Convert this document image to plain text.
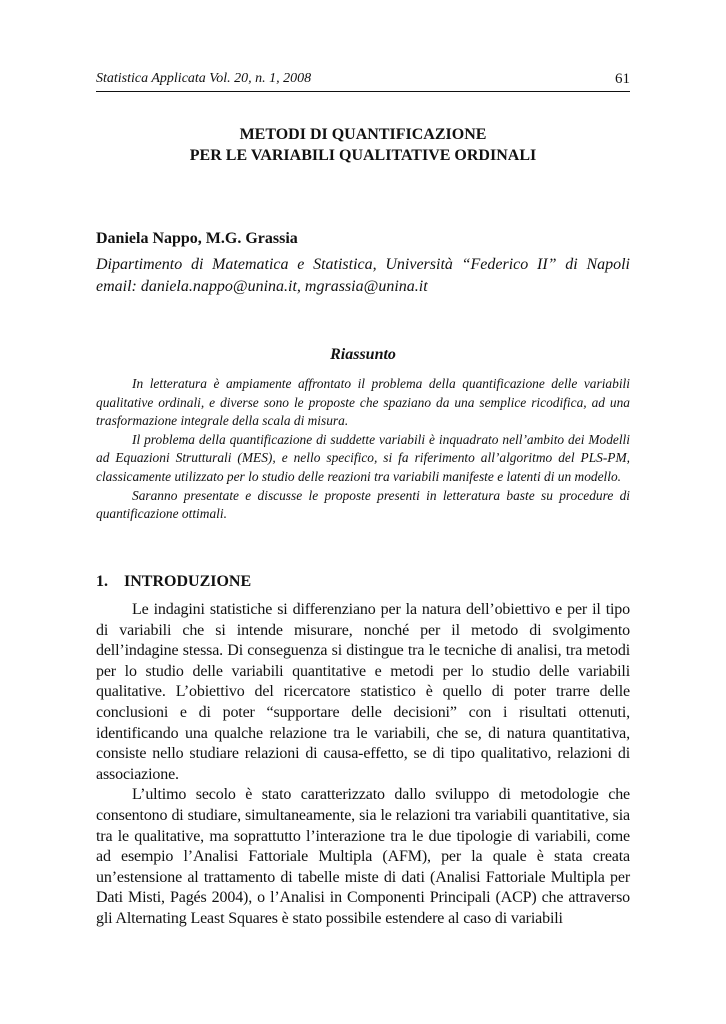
Statistica Applicata Vol. 20, n. 1, 2008	61
METODI DI QUANTIFICAZIONE
PER LE VARIABILI QUALITATIVE ORDINALI
Daniela Nappo, M.G. Grassia
Dipartimento di Matematica e Statistica, Università “Federico II” di Napoli
email: daniela.nappo@unina.it, mgrassia@unina.it
Riassunto

In letteratura è ampiamente affrontato il problema della quantificazione delle variabili qualitative ordinali, e diverse sono le proposte che spaziano da una semplice ricodifica, ad una trasformazione integrale della scala di misura.

Il problema della quantificazione di suddette variabili è inquadrato nell’ambito dei Modelli ad Equazioni Strutturali (MES), e nello specifico, si fa riferimento all’algoritmo del PLS-PM, classicamente utilizzato per lo studio delle reazioni tra variabili manifeste e latenti di un modello.

Saranno presentate e discusse le proposte presenti in letteratura baste su procedure di quantificazione ottimali.

1. INTRODUZIONE

Le indagini statistiche si differenziano per la natura dell’obiettivo e per il tipo di variabili che si intende misurare, nonché per il metodo di svolgimento dell’indagine stessa. Di conseguenza si distingue tra le tecniche di analisi, tra metodi per lo studio delle variabili quantitative e metodi per lo studio delle variabili qualitative. L’obiettivo del ricercatore statistico è quello di poter trarre delle conclusioni e di poter “supportare delle decisioni” con i risultati ottenuti, identificando una qualche relazione tra le variabili, che se, di natura quantitativa, consiste nello studiare relazioni di causa-effetto, se di tipo qualitativo, relazioni di associazione.

L’ultimo secolo è stato caratterizzato dallo sviluppo di metodologie che consentono di studiare, simultaneamente, sia le relazioni tra variabili quantitative, sia tra le qualitative, ma soprattutto l’interazione tra le due tipologie di variabili, come ad esempio l’Analisi Fattoriale Multipla (AFM), per la quale è stata creata un’estensione al trattamento di tabelle miste di dati (Analisi Fattoriale Multipla per Dati Misti, Pagés 2004), o l’Analisi in Componenti Principali (ACP) che attraverso gli Alternating Least Squares è stato possibile estendere al caso di variabili
